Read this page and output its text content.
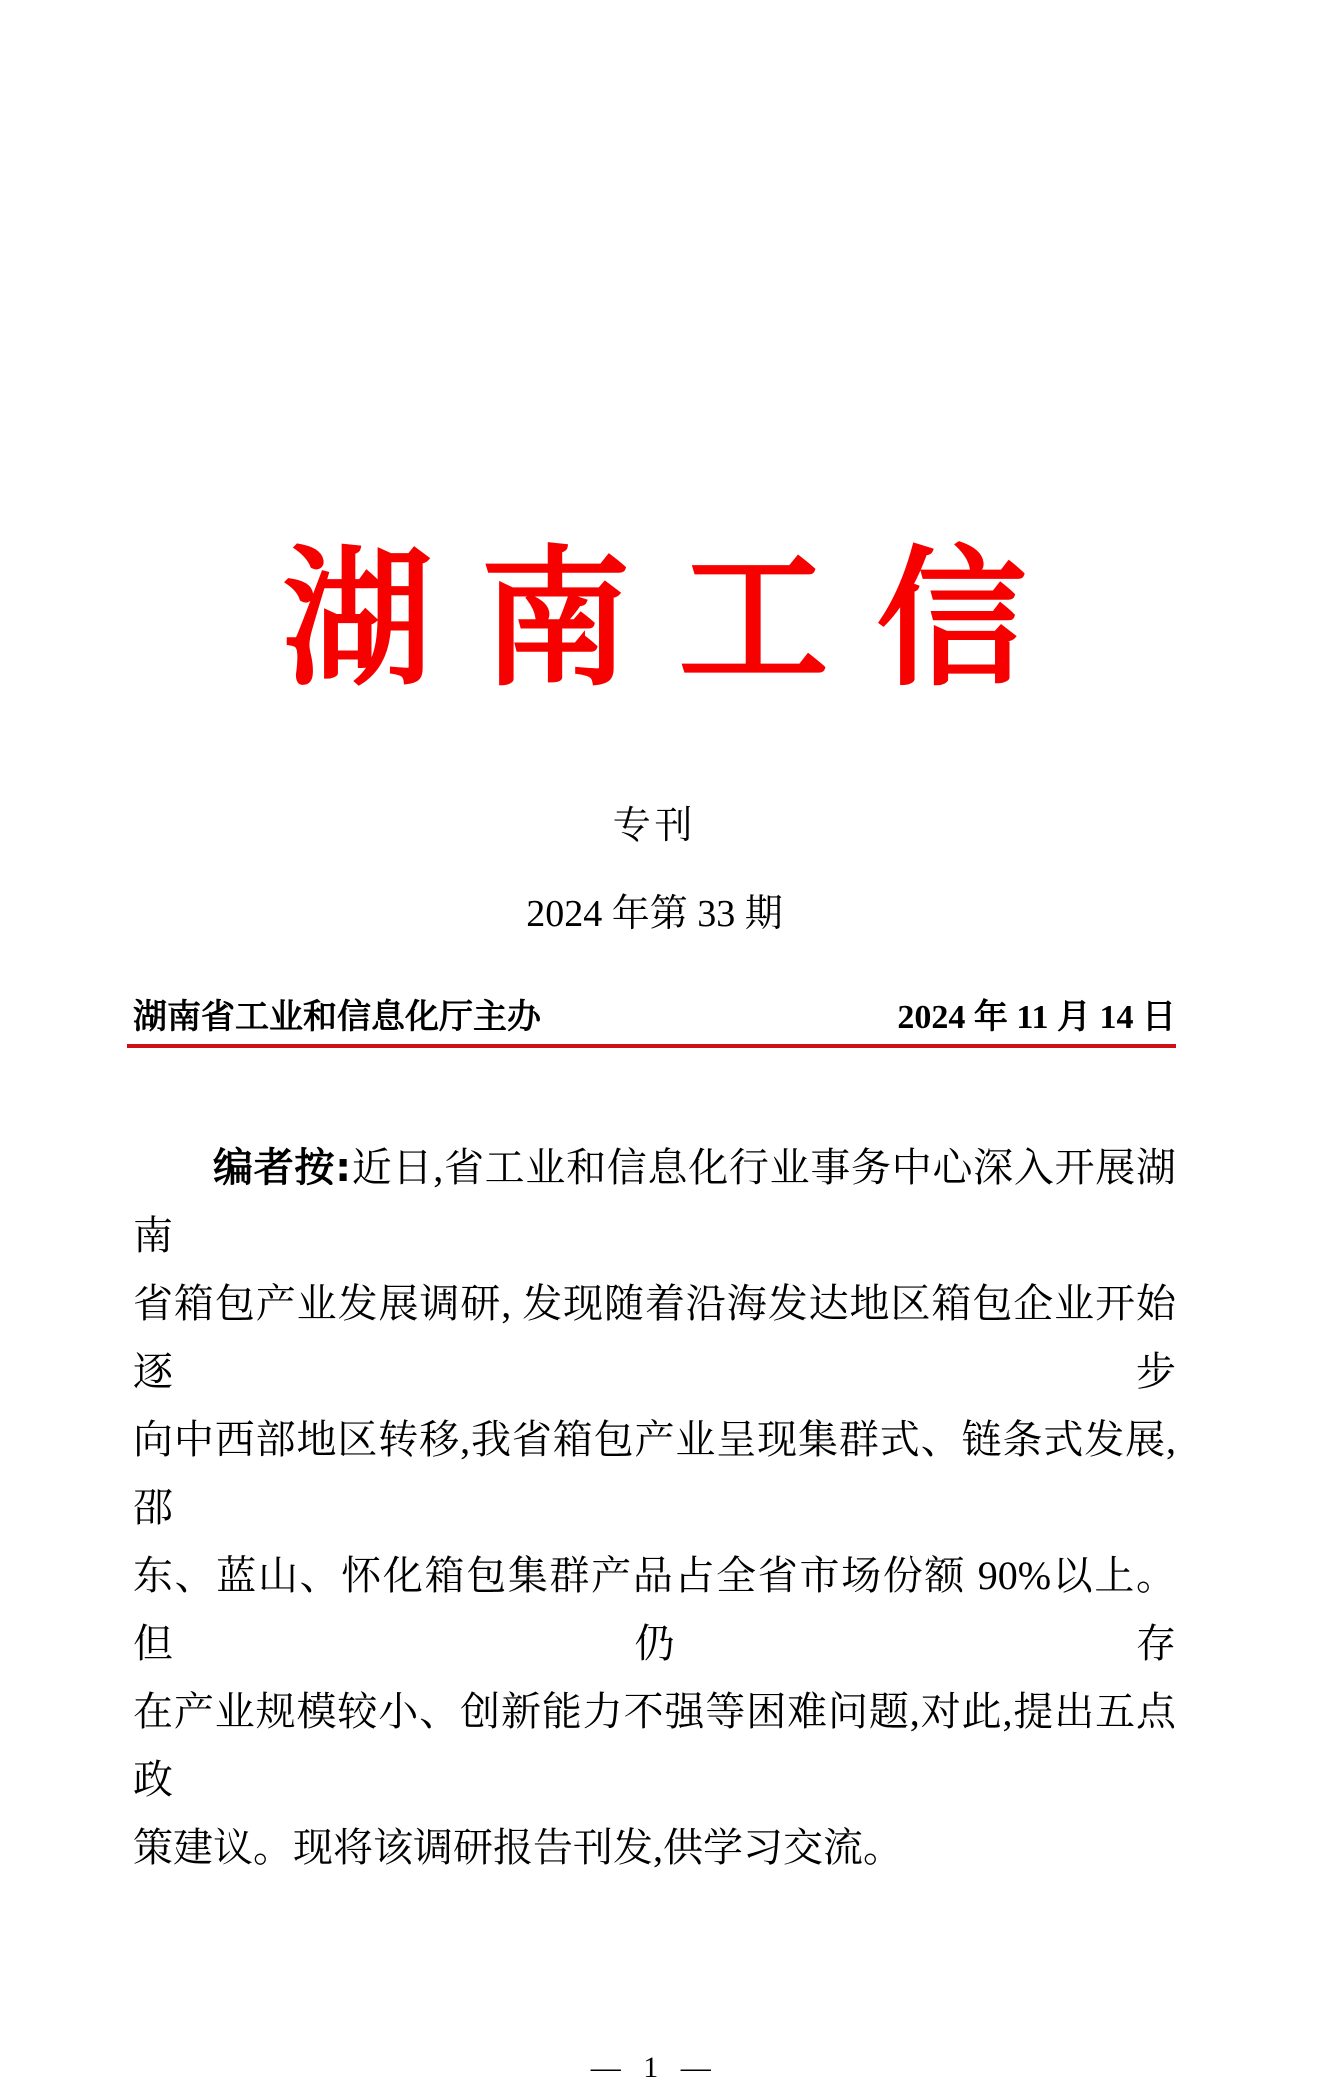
湖南工信
专刊
2024 年第 33 期
湖南省工业和信息化厅主办	2024 年 11 月 14 日

编者按:近日,省工业和信息化行业事务中心深入开展湖南

省箱包产业发展调研, 发现随着沿海发达地区箱包企业开始逐步

向中西部地区转移,我省箱包产业呈现集群式、链条式发展,邵

东、蓝山、怀化箱包集群产品占全省市场份额 90%以上。但仍存

在产业规模较小、创新能力不强等困难问题,对此,提出五点政

策建议。现将该调研报告刊发,供学习交流。

— 1 —
